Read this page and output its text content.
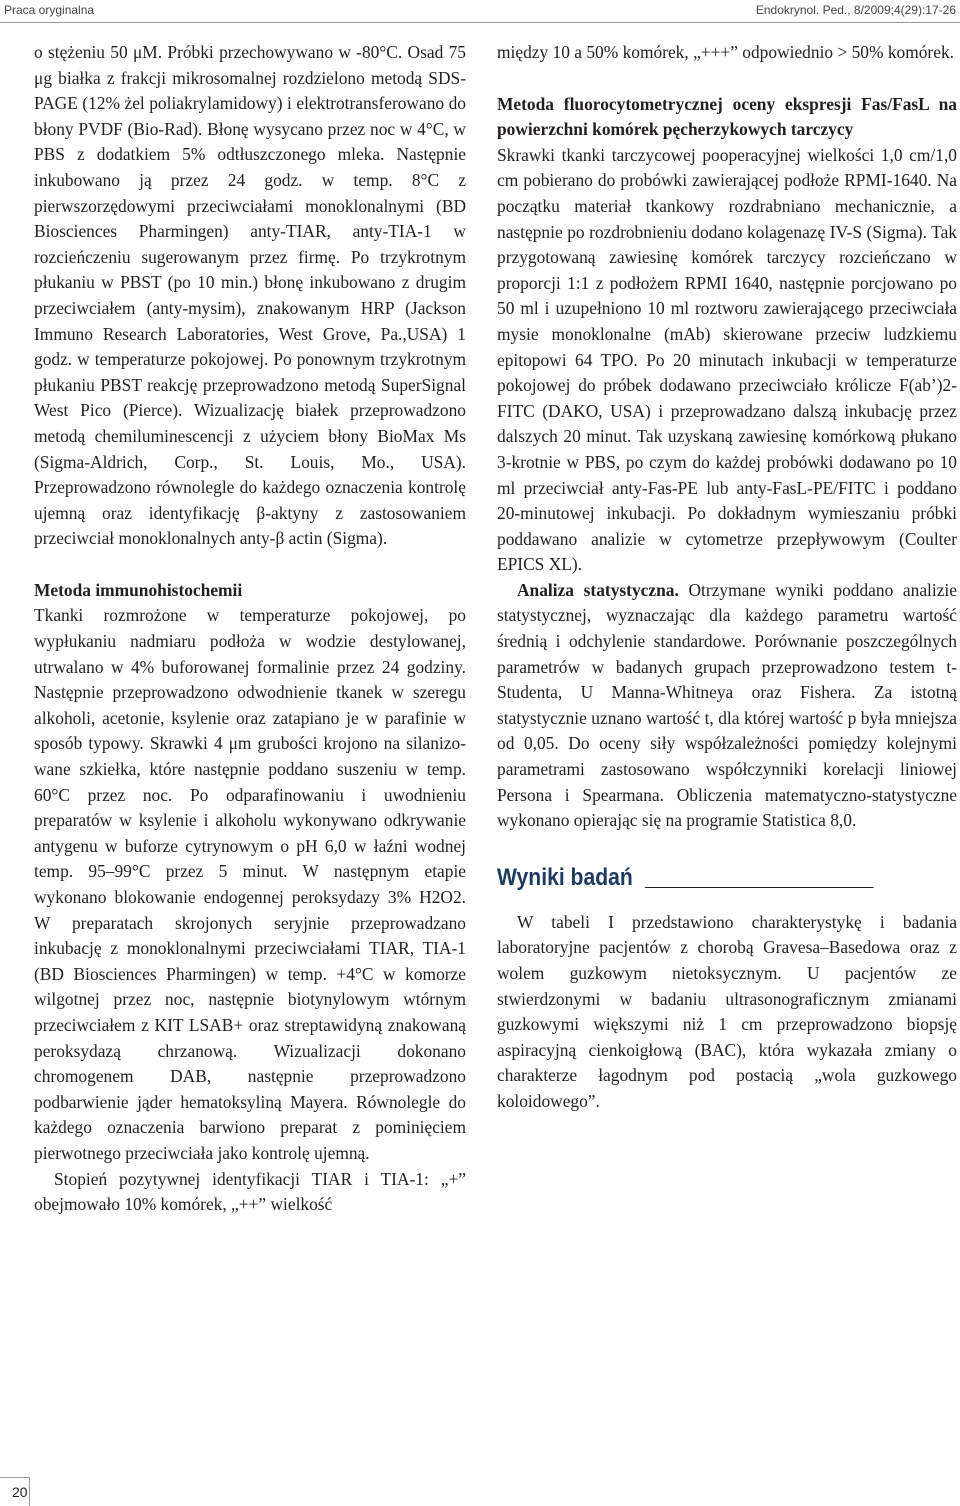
Praca oryginalna	Endokrynol. Ped., 8/2009;4(29):17-26

o stężeniu 50 μM. Próbki przechowywano w -80°C. Osad 75 μg białka z frakcji mikrosomalnej rozdzielono metodą SDS-PAGE (12% żel poliakrylamidowy) i elektrotransferowano do błony PVDF (Bio-Rad). Błonę wysycano przez noc w 4°C, w PBS z dodatkiem 5% odtłuszczonego mleka. Następnie inkubowano ją przez 24 godz. w temp. 8°C z pierwszorzędowymi przeciwciałami monoklonalnymi (BD Biosciences Pharmingen) anty-TIAR, anty-TIA-1 w rozcieńczeniu sugerowanym przez firmę. Po trzykrotnym płukaniu w PBST (po 10 min.) błonę inkubowano z drugim przeciwciałem (anty-mysim), znakowanym HRP (Jackson Immuno Research Laboratories, West Grove, Pa.,USA) 1 godz. w temperaturze pokojowej. Po ponownym trzykrotnym płukaniu PBST reakcję przeprowadzono metodą SuperSignal West Pico (Pierce). Wizualizację białek przeprowadzono metodą chemiluminescencji z użyciem błony BioMax Ms (Sigma-Aldrich, Corp., St. Louis, Mo., USA). Przeprowadzono równolegle do każdego oznaczenia kontrolę ujemną oraz identyfikację β-aktyny z zastosowaniem przeciwciał monoklonalnych anty-β actin (Sigma).

Metoda immunohistochemii

Tkanki rozmrożone w temperaturze pokojowej, po wypłukaniu nadmiaru podłoża w wodzie destylowanej, utrwalano w 4% buforowanej formalinie przez 24 godziny. Następnie przeprowadzono odwodnienie tkanek w szeregu alkoholi, acetonie, ksylenie oraz zatapiano je w parafinie w sposób typowy. Skrawki 4 μm grubości krojono na silanizo-wane szkiełka, które następnie poddano suszeniu w temp. 60°C przez noc. Po odparafinowaniu i uwodnieniu preparatów w ksylenie i alkoholu wykonywano odkrywanie antygenu w buforze cytrynowym o pH 6,0 w łaźni wodnej temp. 95–99°C przez 5 minut. W następnym etapie wykonano blokowanie endogennej peroksydazy 3% H2O2. W preparatach skrojonych seryjnie przeprowadzano inkubację z monoklonalnymi przeciwciałami TIAR, TIA-1 (BD Biosciences Pharmingen) w temp. +4°C w komorze wilgotnej przez noc, następnie biotynylowym wtórnym przeciwciałem z KIT LSAB+ oraz streptawidyną znakowaną peroksydazą chrzanową. Wizualizacji dokonano chromogenem DAB, następnie przeprowadzono podbarwienie jąder hematoksyliną Mayera. Równolegle do każdego oznaczenia barwiono preparat z pominięciem pierwotnego przeciwciała jako kontrolę ujemną.

Stopień pozytywnej identyfikacji TIAR i TIA-1: „+” obejmowało 10% komórek, „++” wielkość

między 10 a 50% komórek, „+++” odpowiednio > 50% komórek.

Metoda fluorocytometrycznej oceny ekspresji Fas/FasL na powierzchni komórek pęcherzykowych tarczycy

Skrawki tkanki tarczycowej pooperacyjnej wielkości 1,0 cm/1,0 cm pobierano do probówki zawierającej podłoże RPMI-1640. Na początku materiał tkankowy rozdrabniano mechanicznie, a następnie po rozdrobnieniu dodano kolagenazę IV-S (Sigma). Tak przygotowaną zawiesinę komórek tarczycy rozcieńczano w proporcji 1:1 z podłożem RPMI 1640, następnie porcjowano po 50 ml i uzupełniono 10 ml roztworu zawierającego przeciwciała mysie monoklonalne (mAb) skierowane przeciw ludzkiemu epitopowi 64 TPO. Po 20 minutach inkubacji w temperaturze pokojowej do próbek dodawano przeciwciało królicze F(ab’)2-FITC (DAKO, USA) i przeprowadzano dalszą inkubację przez dalszych 20 minut. Tak uzyskaną zawiesinę komórkową płukano 3-krotnie w PBS, po czym do każdej probówki dodawano po 10 ml przeciwciał anty-Fas-PE lub anty-FasL-PE/FITC i poddano 20-minutowej inkubacji. Po dokładnym wymieszaniu próbki poddawano analizie w cytometrze przepływowym (Coulter EPICS XL).

Analiza statystyczna. Otrzymane wyniki poddano analizie statystycznej, wyznaczając dla każdego parametru wartość średnią i odchylenie standardowe. Porównanie poszczególnych parametrów w badanych grupach przeprowadzono testem t-Studenta, U Manna-Whitneya oraz Fishera. Za istotną statystycznie uznano wartość t, dla której wartość p była mniejsza od 0,05. Do oceny siły współzależności pomiędzy kolejnymi parametrami zastosowano współczynniki korelacji liniowej Persona i Spearmana. Obliczenia matematyczno-statystyczne wykonano opierając się na programie Statistica 8,0.

Wyniki badań

W tabeli I przedstawiono charakterystykę i badania laboratoryjne pacjentów z chorobą Gravesa–Basedowa oraz z wolem guzkowym nietoksycznym. U pacjentów ze stwierdzonymi w badaniu ultrasonograficznym zmianami guzkowymi większymi niż 1 cm przeprowadzono biopsję aspiracyjną cienkoigłową (BAC), która wykazała zmiany o charakterze łagodnym pod postacią „wola guzkowego koloidowego”.

20
